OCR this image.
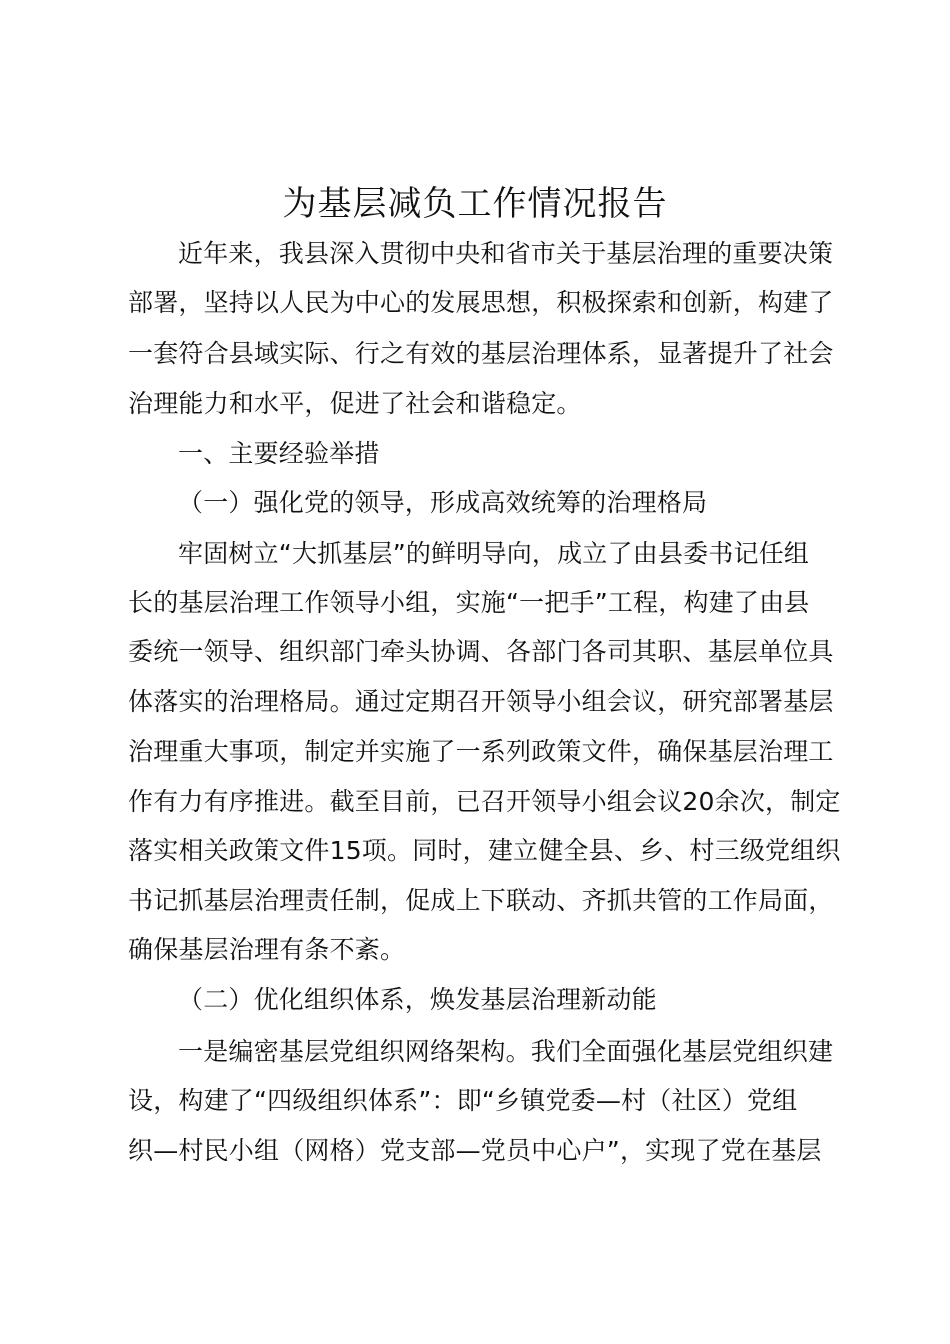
为基层减负工作情况报告
近年来，我县深入贯彻中央和省市关于基层治理的重要决策
部署，坚持以人民为中心的发展思想，积极探索和创新，构建了
一套符合县域实际、行之有效的基层治理体系，显著提升了社会
治理能力和水平，促进了社会和谐稳定。
一、主要经验举措
（一）强化党的领导，形成高效统筹的治理格局
牢固树立“大抓基层”的鲜明导向，成立了由县委书记任组
长的基层治理工作领导小组，实施“一把手”工程，构建了由县
委统一领导、组织部门牵头协调、各部门各司其职、基层单位具
体落实的治理格局。通过定期召开领导小组会议，研究部署基层
治理重大事项，制定并实施了一系列政策文件，确保基层治理工
作有力有序推进。截至目前，已召开领导小组会议20余次，制定
落实相关政策文件15项。同时，建立健全县、乡、村三级党组织
书记抓基层治理责任制，促成上下联动、齐抓共管的工作局面，
确保基层治理有条不紊。
（二）优化组织体系，焕发基层治理新动能
一是编密基层党组织网络架构。我们全面强化基层党组织建
设，构建了“四级组织体系”：即“乡镇党委—村（社区）党组
织—村民小组（网格）党支部—党员中心户”，实现了党在基层
